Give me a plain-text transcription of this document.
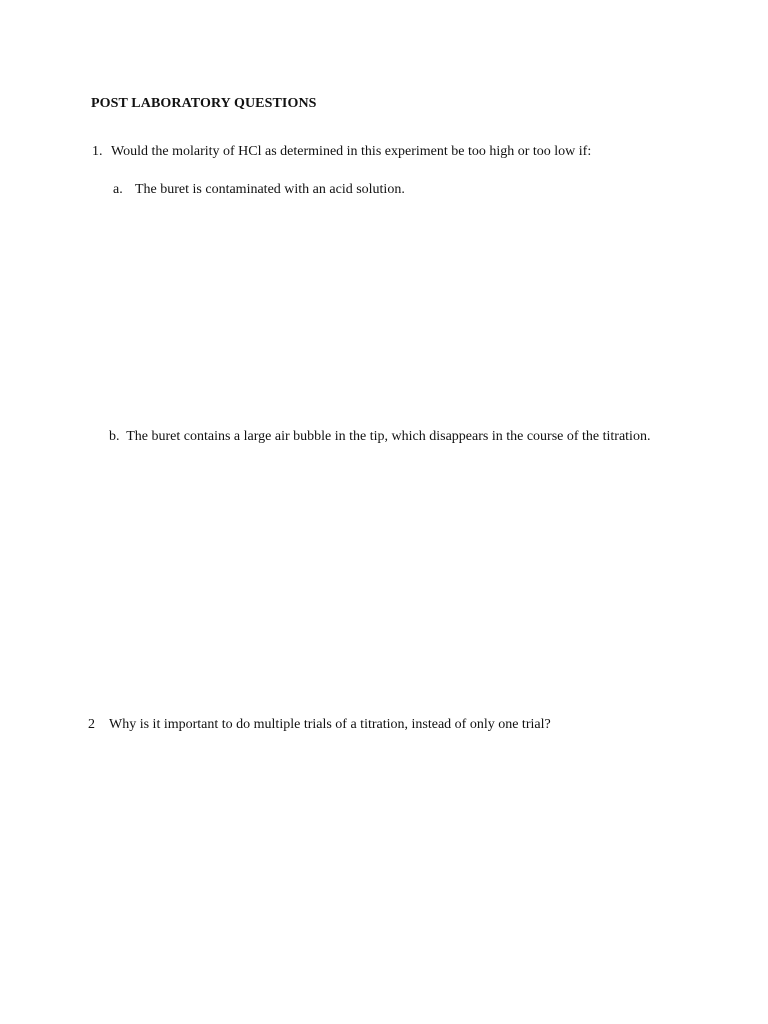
POST LABORATORY QUESTIONS
1. Would the molarity of HCl as determined in this experiment be too high or too low if:
a. The buret is contaminated with an acid solution.
b. The buret contains a large air bubble in the tip, which disappears in the course of the titration.
2 Why is it important to do multiple trials of a titration, instead of only one trial?
